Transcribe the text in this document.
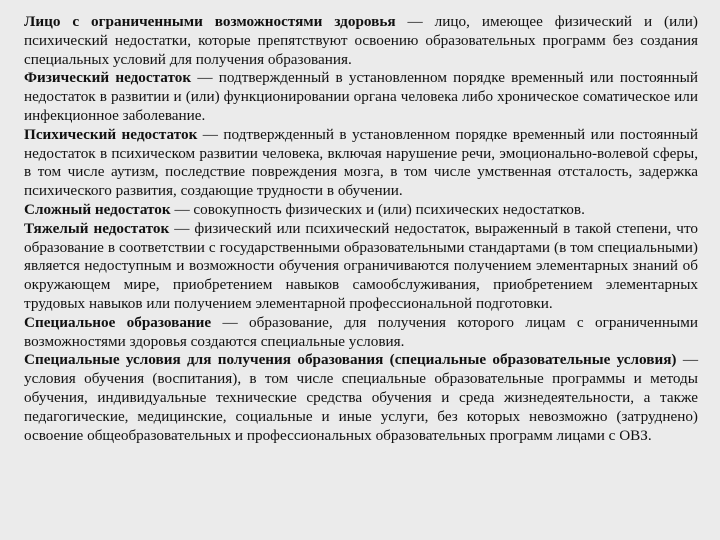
Лицо с ограниченными возможностями здоровья — лицо, имеющее физический и (или) психический недостатки, которые препятствуют освоению образовательных программ без создания специальных условий для получения образования.

Физический недостаток — подтвержденный в установленном порядке временный или постоянный недостаток в развитии и (или) функционировании органа человека либо хроническое соматическое или инфекционное заболевание.

Психический недостаток — подтвержденный в установленном порядке временный или постоянный недостаток в психическом развитии человека, включая нарушение речи, эмоционально-волевой сферы, в том числе аутизм, последствие повреждения мозга, в том числе умственная отсталость, задержка психического развития, создающие трудности в обучении.

Сложный недостаток — совокупность физических и (или) психических недостатков.

Тяжелый недостаток — физический или психический недостаток, выраженный в такой степени, что образование в соответствии с государственными образовательными стандартами (в том специальными) является недоступным и возможности обучения ограничиваются получением элементарных знаний об окружающем мире, приобретением навыков самообслуживания, приобретением элементарных трудовых навыков или получением элементарной профессиональной подготовки.

Специальное образование — образование, для получения которого лицам с ограниченными возможностями здоровья создаются специальные условия.

Специальные условия для получения образования (специальные образовательные условия) — условия обучения (воспитания), в том числе специальные образовательные программы и методы обучения, индивидуальные технические средства обучения и среда жизнедеятельности, а также педагогические, медицинские, социальные и иные услуги, без которых невозможно (затруднено) освоение общеобразовательных и профессиональных образовательных программ лицами с ОВЗ.
